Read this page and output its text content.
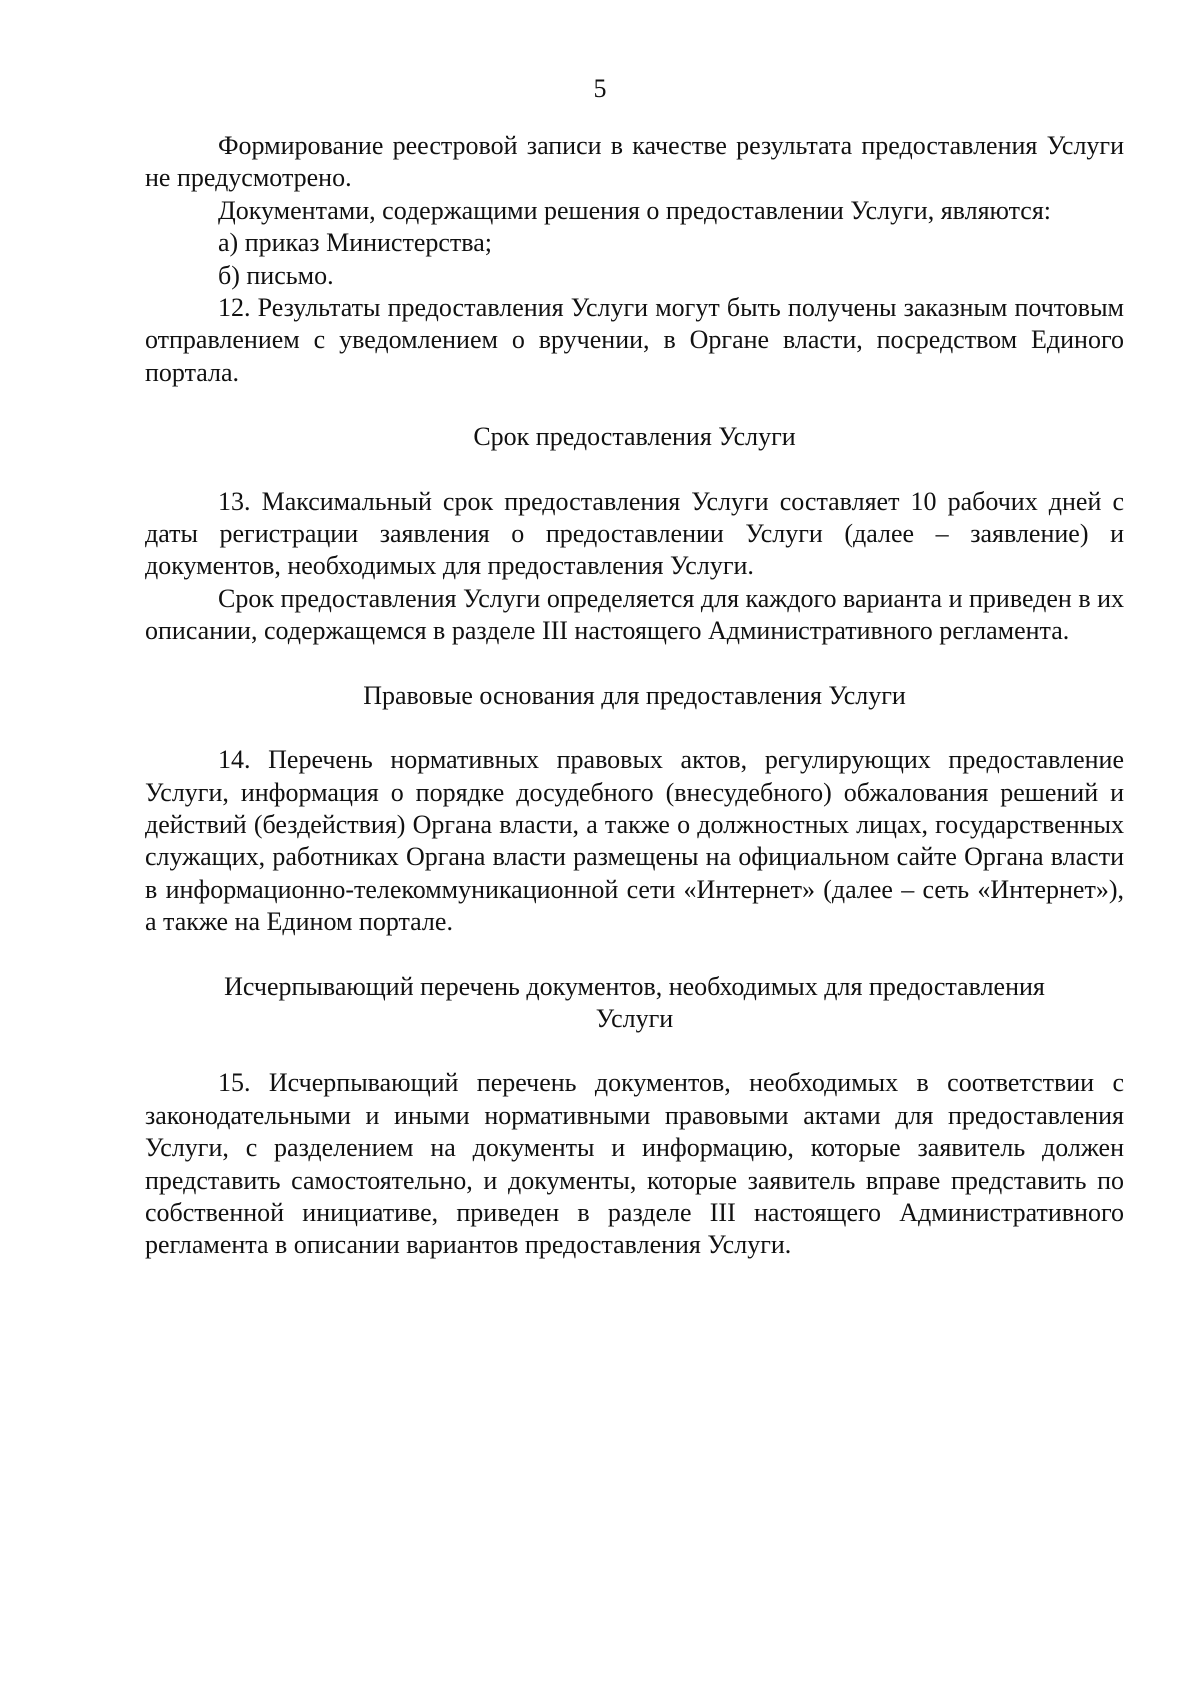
5

Формирование реестровой записи в качестве результата предоставления Услуги не предусмотрено.

Документами, содержащими решения о предоставлении Услуги, являются:

а) приказ Министерства;

б) письмо.

12. Результаты предоставления Услуги могут быть получены заказным почтовым отправлением с уведомлением о вручении, в Органе власти, посредством Единого портала.

Срок предоставления Услуги

13. Максимальный срок предоставления Услуги составляет 10 рабочих дней с даты регистрации заявления о предоставлении Услуги (далее – заявление) и документов, необходимых для предоставления Услуги.

Срок предоставления Услуги определяется для каждого варианта и приведен в их описании, содержащемся в разделе III настоящего Административного регламента.

Правовые основания для предоставления Услуги

14. Перечень нормативных правовых актов, регулирующих предоставление Услуги, информация о порядке досудебного (внесудебного) обжалования решений и действий (бездействия) Органа власти, а также о должностных лицах, государственных служащих, работниках Органа власти размещены на официальном сайте Органа власти в информационно-телекоммуникационной сети «Интернет» (далее – сеть «Интернет»), а также на Едином портале.

Исчерпывающий перечень документов, необходимых для предоставления

Услуги

15. Исчерпывающий перечень документов, необходимых в соответствии с законодательными и иными нормативными правовыми актами для предоставления Услуги, с разделением на документы и информацию, которые заявитель должен представить самостоятельно, и документы, которые заявитель вправе представить по собственной инициативе, приведен в разделе III настоящего Административного регламента в описании вариантов предоставления Услуги.
